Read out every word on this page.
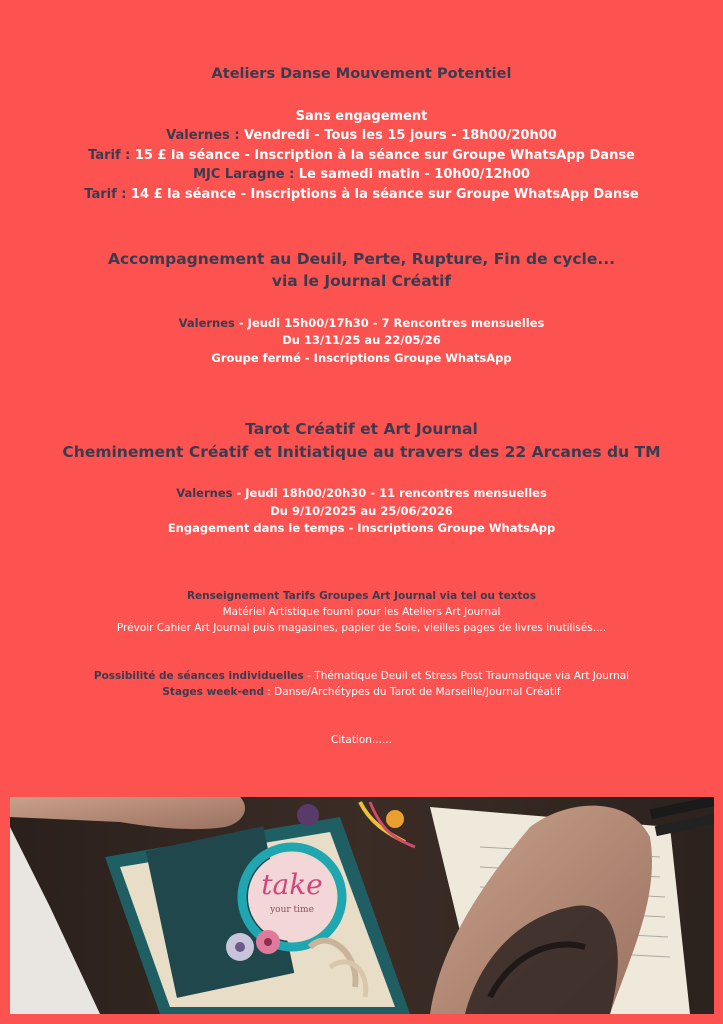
Ateliers Danse Mouvement Potentiel
Sans engagement
Valernes : Vendredi - Tous les 15 jours - 18h00/20h00
Tarif : 15 £ la séance - Inscription à la séance sur Groupe WhatsApp Danse
MJC Laragne : Le samedi matin - 10h00/12h00
Tarif : 14 £ la séance - Inscriptions à la séance sur Groupe WhatsApp Danse
Accompagnement au Deuil, Perte, Rupture, Fin de cycle...
via le Journal Créatif
Valernes - Jeudi 15h00/17h30 - 7 Rencontres mensuelles
Du 13/11/25 au 22/05/26
Groupe fermé - Inscriptions Groupe WhatsApp
Tarot Créatif et Art Journal
Cheminement Créatif et Initiatique au travers des 22 Arcanes du TM
Valernes - Jeudi 18h00/20h30 - 11 rencontres mensuelles
Du 9/10/2025 au 25/06/2026
Engagement dans le temps - Inscriptions Groupe WhatsApp
Renseignement Tarifs Groupes Art Journal via tel ou textos
Matériel Artistique fourni pour les Ateliers Art Journal
Prévoir Cahier Art Journal puis magasines, papier de Soie, vieilles pages de livres inutilisés....
Possibilité de séances individuelles - Thématique Deuil et Stress Post Traumatique via Art Journal
Stages week-end : Danse/Archétypes du Tarot de Marseille/Journal Créatif
Citation......
take
your time
